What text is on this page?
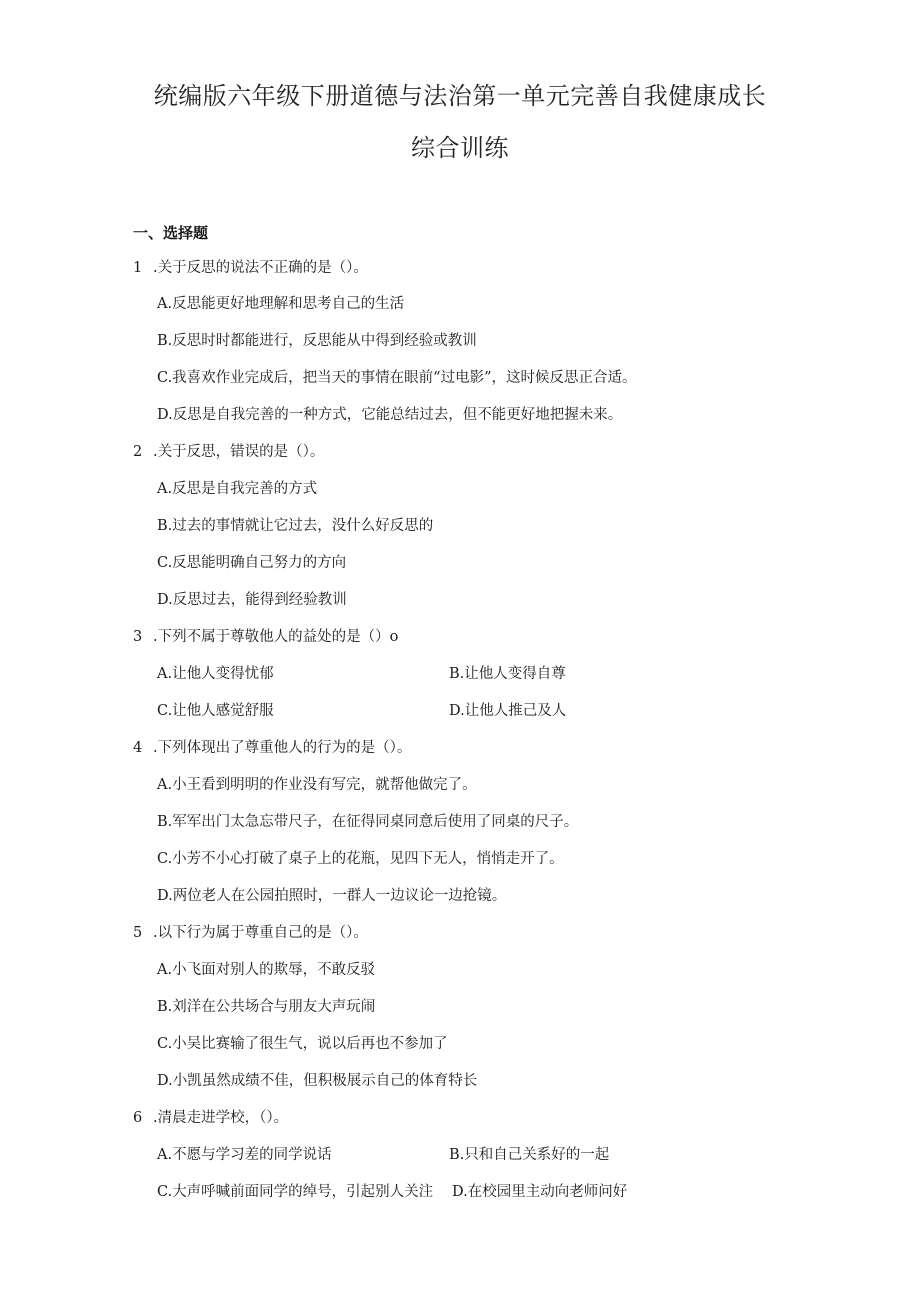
统编版六年级下册道德与法治第一单元完善自我健康成长
综合训练
一、选择题
1 .关于反思的说法不正确的是（）。
A.反思能更好地理解和思考自己的生活
B.反思时时都能进行，反思能从中得到经验或教训
C.我喜欢作业完成后，把当天的事情在眼前“过电影”，这时候反思正合适。
D.反思是自我完善的一种方式，它能总结过去，但不能更好地把握未来。
2 .关于反思，错误的是（）。
A.反思是自我完善的方式
B.过去的事情就让它过去，没什么好反思的
C.反思能明确自己努力的方向
D.反思过去，能得到经验教训
3 .下列不属于尊敬他人的益处的是（）o
A.让他人变得忧郁	B.让他人变得自尊
C.让他人感觉舒服	D.让他人推己及人
4 .下列体现出了尊重他人的行为的是（）。
A.小王看到明明的作业没有写完，就帮他做完了。
B.军军出门太急忘带尺子，在征得同桌同意后使用了同桌的尺子。
C.小芳不小心打破了桌子上的花瓶，见四下无人，悄悄走开了。
D.两位老人在公园拍照时，一群人一边议论一边抢镜。
5 .以下行为属于尊重自己的是（）。
A.小飞面对别人的欺辱，不敢反驳
B.刘洋在公共场合与朋友大声玩闹
C.小吴比赛输了很生气，说以后再也不参加了
D.小凯虽然成绩不佳，但积极展示自己的体育特长
6 .清晨走进学校，（）。
A.不愿与学习差的同学说话	B.只和自己关系好的一起
C.大声呼喊前面同学的绰号，引起别人关注 D.在校园里主动向老师问好
